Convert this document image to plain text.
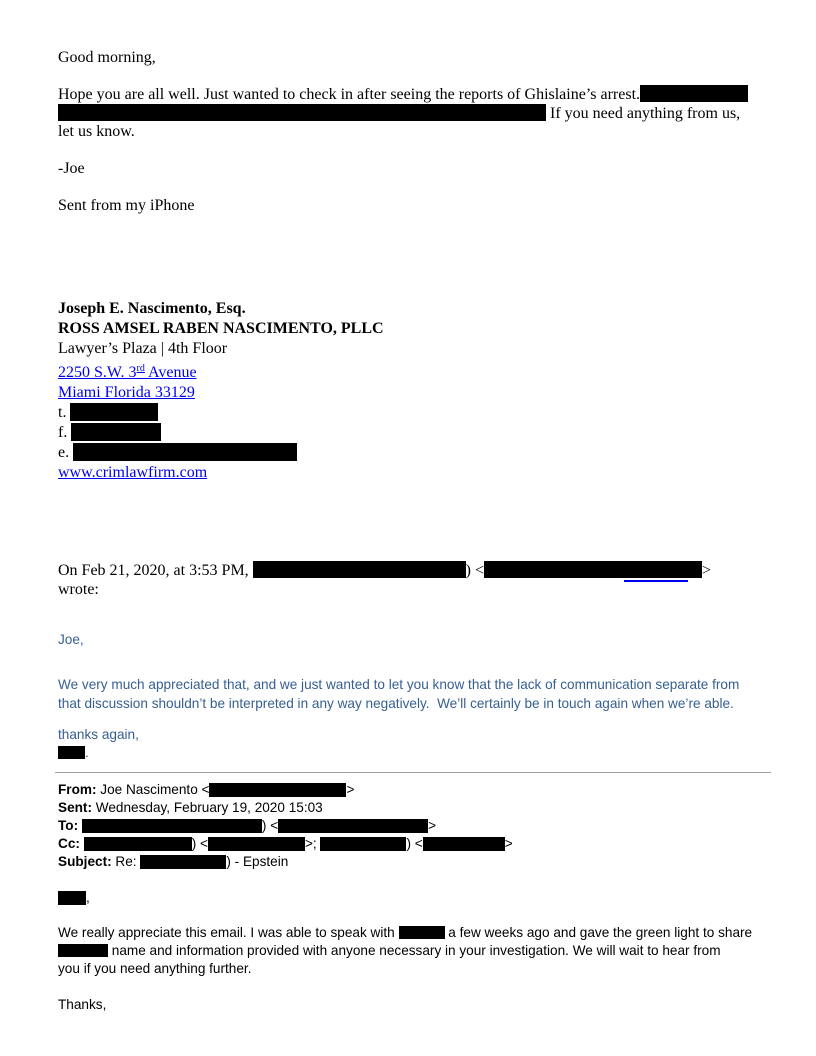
Good morning,
Hope you are all well. Just wanted to check in after seeing the reports of Ghislaine’s arrest.
If you need anything from us,
let us know.
-Joe
Sent from my iPhone
Joseph E. Nascimento, Esq.
ROSS AMSEL RABEN NASCIMENTO, PLLC
Lawyer’s Plaza | 4th Floor
2250 S.W. 3rd Avenue
Miami Florida 33129
t.
f.
e.
www.crimlawfirm.com
On Feb 21, 2020, at 3:53 PM,	) <	>
wrote:
Joe,
We very much appreciated that, and we just wanted to let you know that the lack of communication separate from
that discussion shouldn’t be interpreted in any way negatively.  We’ll certainly be in touch again when we’re able.
thanks again,
.
From: Joe Nascimento <	>
Sent: Wednesday, February 19, 2020 15:03
To:	) <	>
Cc:	) <	>;	) <	>
Subject: Re:	) - Epstein
,
We really appreciate this email. I was able to speak with	a few weeks ago and gave the green light to share
name and information provided with anyone necessary in your investigation. We will wait to hear from
you if you need anything further.
Thanks,
